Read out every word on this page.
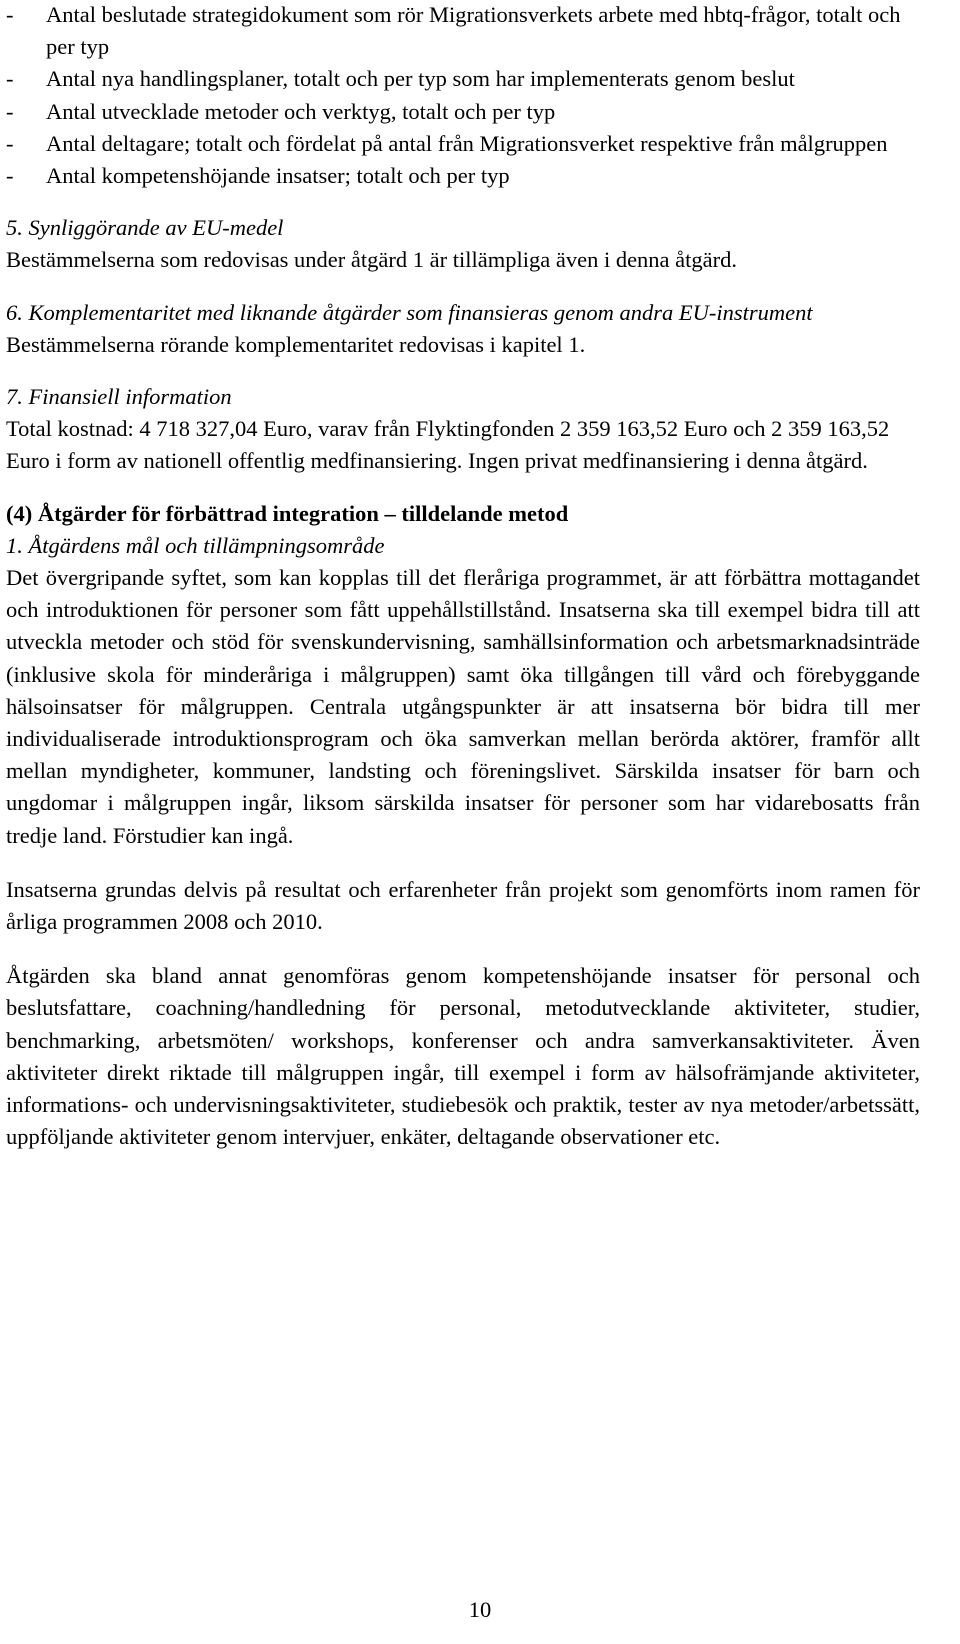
-	Antal beslutade strategidokument som rör Migrationsverkets arbete med hbtq-frågor, totalt och per typ
-	Antal nya handlingsplaner, totalt och per typ som har implementerats genom beslut
-	Antal utvecklade metoder och verktyg, totalt och per typ
-	Antal deltagare; totalt och fördelat på antal från Migrationsverket respektive från målgruppen
-	Antal kompetenshöjande insatser; totalt och per typ

5. Synliggörande av EU-medel

Bestämmelserna som redovisas under åtgärd 1 är tillämpliga även i denna åtgärd.

6. Komplementaritet med liknande åtgärder som finansieras genom andra EU-instrument

Bestämmelserna rörande komplementaritet redovisas i kapitel 1.

7. Finansiell information

Total kostnad: 4 718 327,04 Euro, varav från Flyktingfonden 2 359 163,52 Euro och 2 359 163,52 Euro i form av nationell offentlig medfinansiering. Ingen privat medfinansiering i denna åtgärd.

(4) Åtgärder för förbättrad integration – tilldelande metod

1. Åtgärdens mål och tillämpningsområde

Det övergripande syftet, som kan kopplas till det fleråriga programmet, är att förbättra mottagandet och introduktionen för personer som fått uppehållstillstånd. Insatserna ska till exempel bidra till att utveckla metoder och stöd för svenskundervisning, samhällsinformation och arbetsmarknadsinträde (inklusive skola för minderåriga i målgruppen) samt öka tillgången till vård och förebyggande hälsoinsatser för målgruppen. Centrala utgångspunkter är att insatserna bör bidra till mer individualiserade introduktionsprogram och öka samverkan mellan berörda aktörer, framför allt mellan myndigheter, kommuner, landsting och föreningslivet. Särskilda insatser för barn och ungdomar i målgruppen ingår, liksom särskilda insatser för personer som har vidarebosatts från tredje land. Förstudier kan ingå.

Insatserna grundas delvis på resultat och erfarenheter från projekt som genomförts inom ramen för årliga programmen 2008 och 2010.

Åtgärden ska bland annat genomföras genom kompetenshöjande insatser för personal och beslutsfattare, coachning/handledning för personal, metodutvecklande aktiviteter, studier, benchmarking, arbetsmöten/ workshops, konferenser och andra samverkansaktiviteter. Även aktiviteter direkt riktade till målgruppen ingår, till exempel i form av hälsofrämjande aktiviteter, informations- och undervisningsaktiviteter, studiebesök och praktik, tester av nya metoder/arbetssätt, uppföljande aktiviteter genom intervjuer, enkäter, deltagande observationer etc.

10
